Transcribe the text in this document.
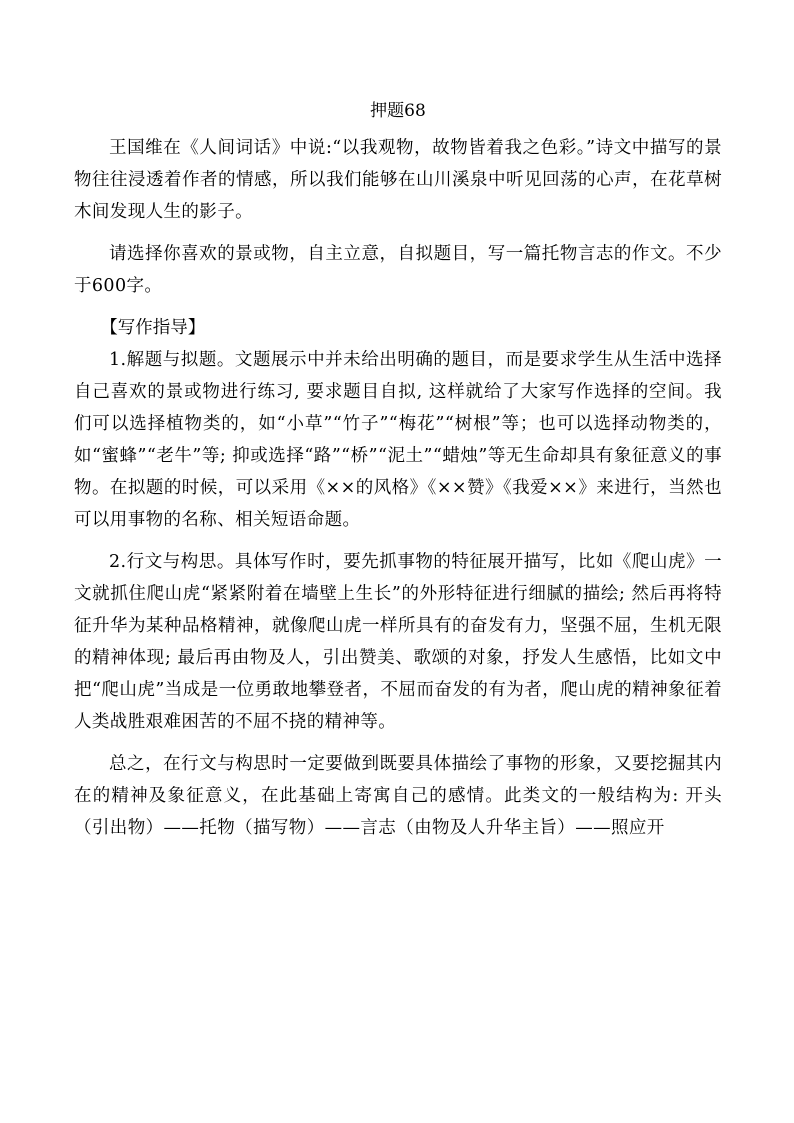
押题68

王国维在《人间词话》中说:“以我观物，故物皆着我之色彩。”诗文中描写的景物往往浸透着作者的情感，所以我们能够在山川溪泉中听见回荡的心声，在花草树木间发现人生的影子。

请选择你喜欢的景或物，自主立意，自拟题目，写一篇托物言志的作文。不少于600字。

【写作指导】

1.解题与拟题。文题展示中并未给出明确的题目，而是要求学生从生活中选择自己喜欢的景或物进行练习, 要求题目自拟, 这样就给了大家写作选择的空间。我们可以选择植物类的，如“小草”“竹子”“梅花”“树根”等；也可以选择动物类的，如“蜜蜂”“老牛”等; 抑或选择“路”“桥”“泥土”“蜡烛”等无生命却具有象征意义的事物。在拟题的时候，可以采用《××的风格》《××赞》《我爱××》来进行，当然也可以用事物的名称、相关短语命题。

2.行文与构思。具体写作时，要先抓事物的特征展开描写，比如《爬山虎》一文就抓住爬山虎“紧紧附着在墙壁上生长”的外形特征进行细腻的描绘; 然后再将特征升华为某种品格精神，就像爬山虎一样所具有的奋发有力，坚强不屈，生机无限的精神体现; 最后再由物及人，引出赞美、歌颂的对象，抒发人生感悟，比如文中把“爬山虎”当成是一位勇敢地攀登者，不屈而奋发的有为者，爬山虎的精神象征着人类战胜艰难困苦的不屈不挠的精神等。

总之，在行文与构思时一定要做到既要具体描绘了事物的形象，又要挖掘其内在的精神及象征意义，在此基础上寄寓自己的感情。此类文的一般结构为: 开头（引出物）——托物（描写物）——言志（由物及人升华主旨）——照应开
